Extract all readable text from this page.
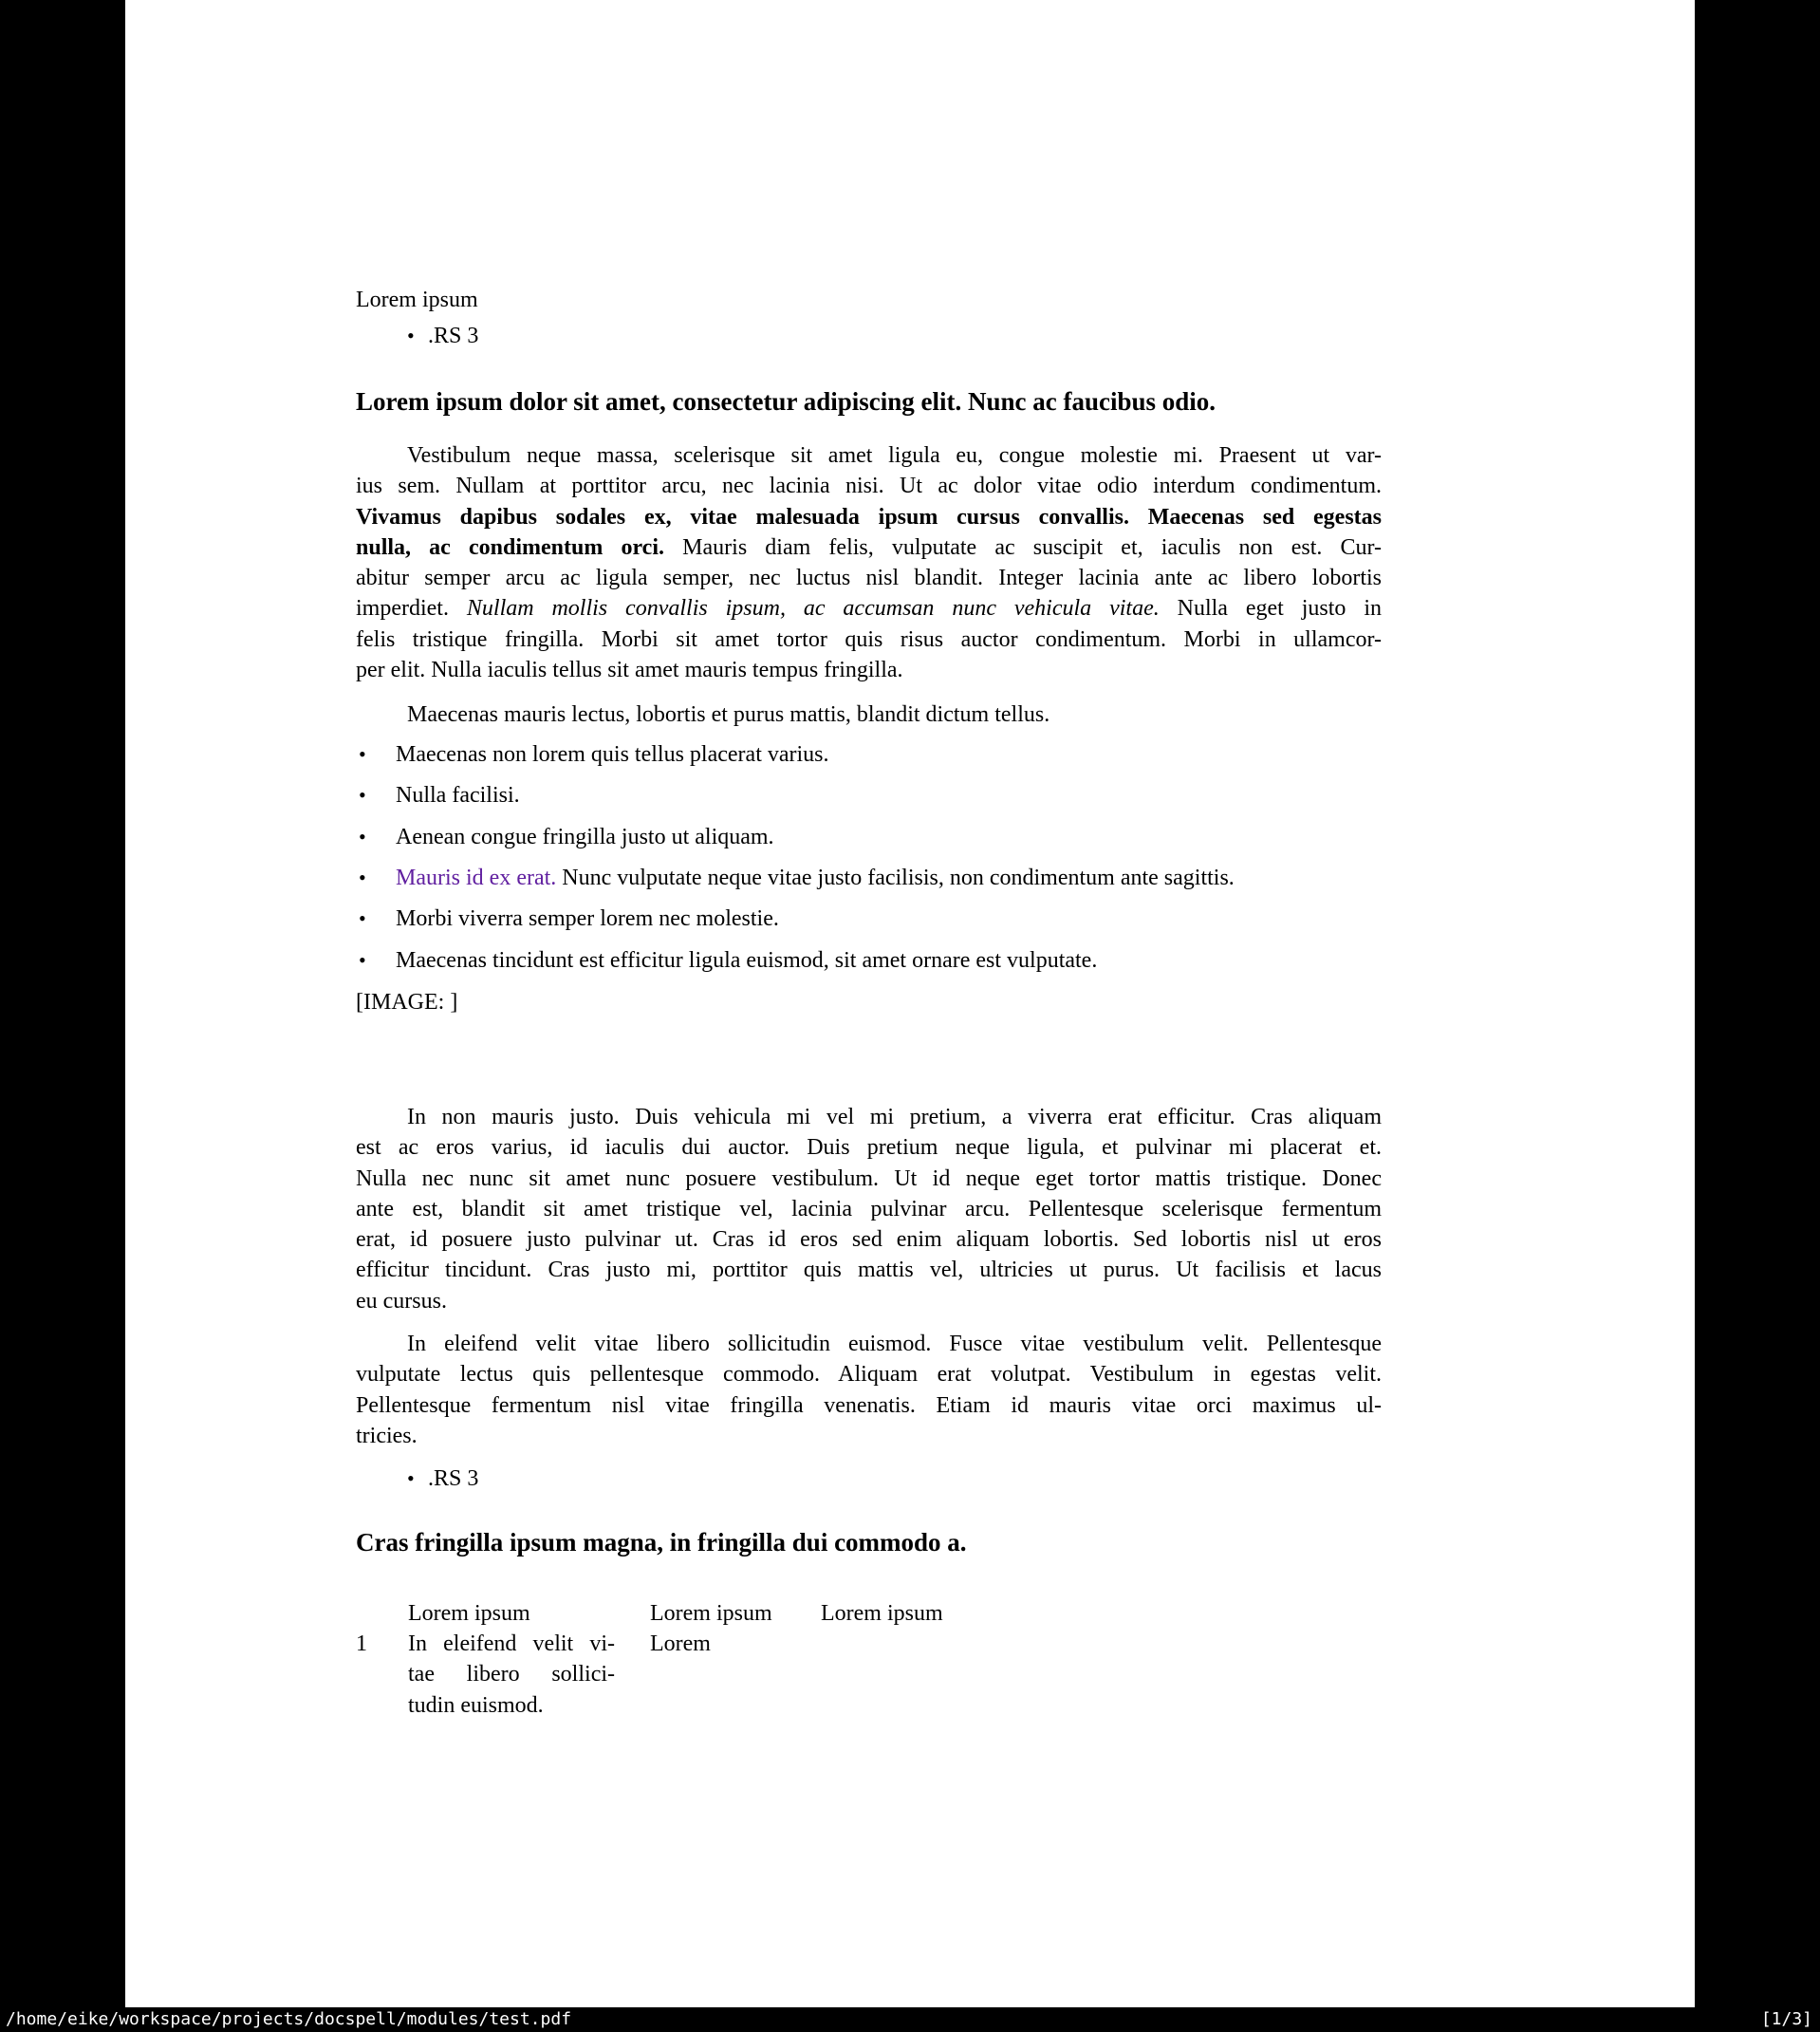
Lorem ipsum
• .RS 3
Lorem ipsum dolor sit amet, consectetur adipiscing elit. Nunc ac faucibus odio.
Vestibulum neque massa, scelerisque sit amet ligula eu, congue molestie mi. Praesent ut var-
ius sem. Nullam at porttitor arcu, nec lacinia nisi. Ut ac dolor vitae odio interdum condimentum.
Vivamus dapibus sodales ex, vitae malesuada ipsum cursus convallis. Maecenas sed egestas
nulla, ac condimentum orci. Mauris diam felis, vulputate ac suscipit et, iaculis non est. Cur-
abitur semper arcu ac ligula semper, nec luctus nisl blandit. Integer lacinia ante ac libero lobortis
imperdiet. Nullam mollis convallis ipsum, ac accumsan nunc vehicula vitae. Nulla eget justo in
felis tristique fringilla. Morbi sit amet tortor quis risus auctor condimentum. Morbi in ullamcor-
per elit. Nulla iaculis tellus sit amet mauris tempus fringilla.
Maecenas mauris lectus, lobortis et purus mattis, blandit dictum tellus.
• Maecenas non lorem quis tellus placerat varius.
• Nulla facilisi.
• Aenean congue fringilla justo ut aliquam.
• Mauris id ex erat. Nunc vulputate neque vitae justo facilisis, non condimentum ante sagittis.
• Morbi viverra semper lorem nec molestie.
• Maecenas tincidunt est efficitur ligula euismod, sit amet ornare est vulputate.
[IMAGE: ]
In non mauris justo. Duis vehicula mi vel mi pretium, a viverra erat efficitur. Cras aliquam
est ac eros varius, id iaculis dui auctor. Duis pretium neque ligula, et pulvinar mi placerat et.
Nulla nec nunc sit amet nunc posuere vestibulum. Ut id neque eget tortor mattis tristique. Donec
ante est, blandit sit amet tristique vel, lacinia pulvinar arcu. Pellentesque scelerisque fermentum
erat, id posuere justo pulvinar ut. Cras id eros sed enim aliquam lobortis. Sed lobortis nisl ut eros
efficitur tincidunt. Cras justo mi, porttitor quis mattis vel, ultricies ut purus. Ut facilisis et lacus
eu cursus.
In eleifend velit vitae libero sollicitudin euismod. Fusce vitae vestibulum velit. Pellentesque
vulputate lectus quis pellentesque commodo. Aliquam erat volutpat. Vestibulum in egestas velit.
Pellentesque fermentum nisl vitae fringilla venenatis. Etiam id mauris vitae orci maximus ul-
tricies.
• .RS 3
Cras fringilla ipsum magna, in fringilla dui commodo a.
Lorem ipsum	Lorem ipsum Lorem ipsum
1 In eleifend velit vi-
tae libero sollici-
tudin euismod.
Lorem
/home/eike/workspace/projects/docspell/modules/test.pdf	[1/3]
